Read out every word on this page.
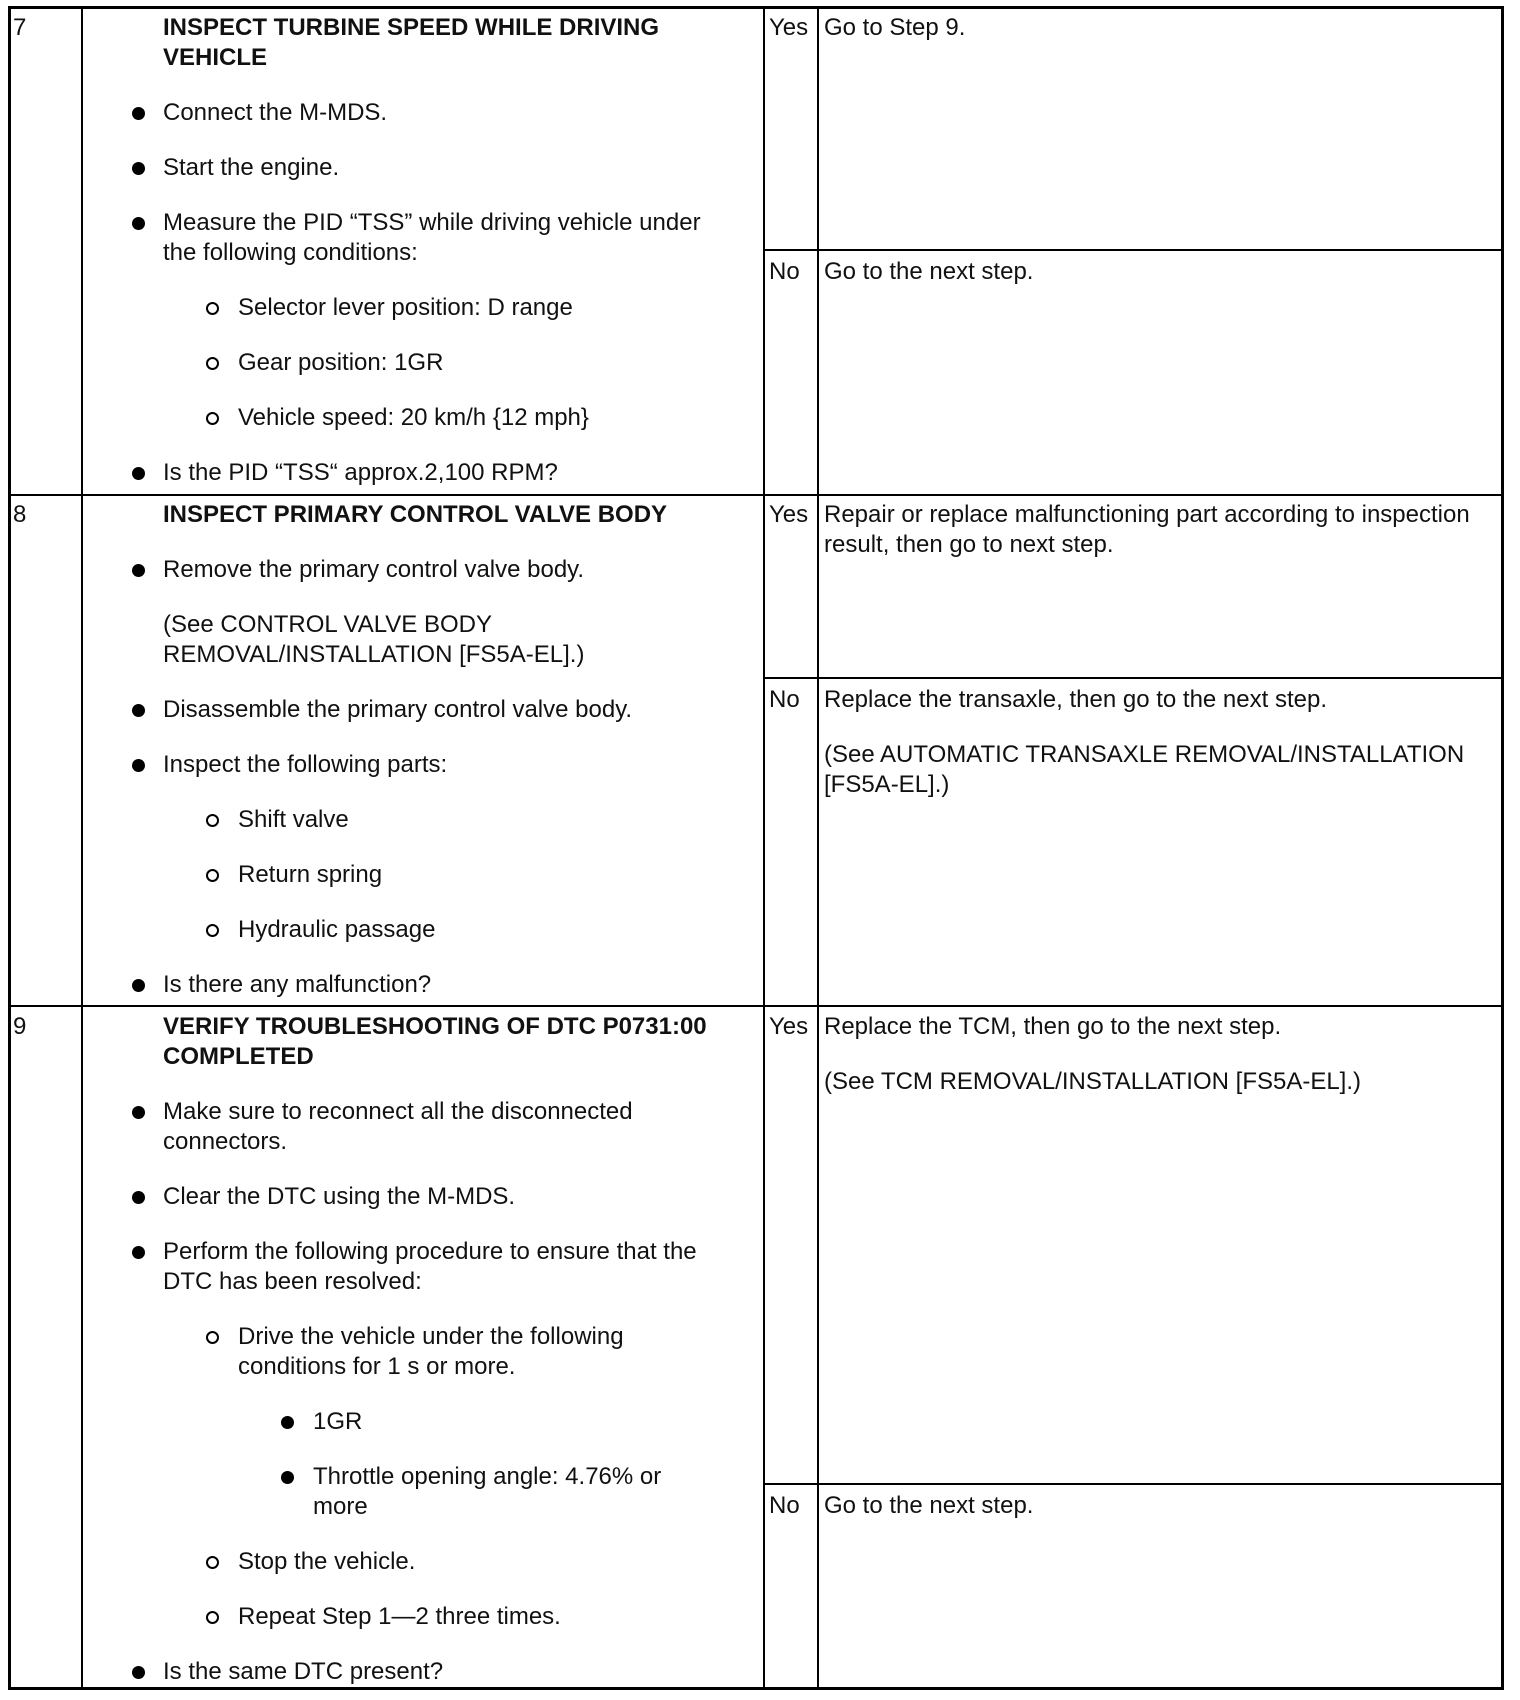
7	INSPECT TURBINE SPEED WHILE DRIVING
VEHICLE
Connect the M-MDS.
Start the engine.
Measure the PID “TSS” while driving vehicle under
the following conditions:
Selector lever position: D range
Gear position: 1GR
Vehicle speed: 20 km/h {12 mph}
Is the PID “TSS“ approx.2,100 RPM?
Yes Go to Step 9.
No Go to the next step.
8	INSPECT PRIMARY CONTROL VALVE BODY
Remove the primary control valve body.
(See CONTROL VALVE BODY
REMOVAL/INSTALLATION [FS5A-EL].)
Disassemble the primary control valve body.
Inspect the following parts:
Shift valve
Return spring
Hydraulic passage
Is there any malfunction?
Yes Repair or replace malfunctioning part according to inspection
result, then go to next step.
No Replace the transaxle, then go to the next step.
(See AUTOMATIC TRANSAXLE REMOVAL/INSTALLATION
[FS5A-EL].)
9	VERIFY TROUBLESHOOTING OF DTC P0731:00
COMPLETED
Make sure to reconnect all the disconnected
connectors.
Clear the DTC using the M-MDS.
Perform the following procedure to ensure that the
DTC has been resolved:
Drive the vehicle under the following
conditions for 1 s or more.
1GR
Throttle opening angle: 4.76% or
more
Stop the vehicle.
Repeat Step 1—2 three times.
Is the same DTC present?
Yes Replace the TCM, then go to the next step.
(See TCM REMOVAL/INSTALLATION [FS5A-EL].)
No Go to the next step.
